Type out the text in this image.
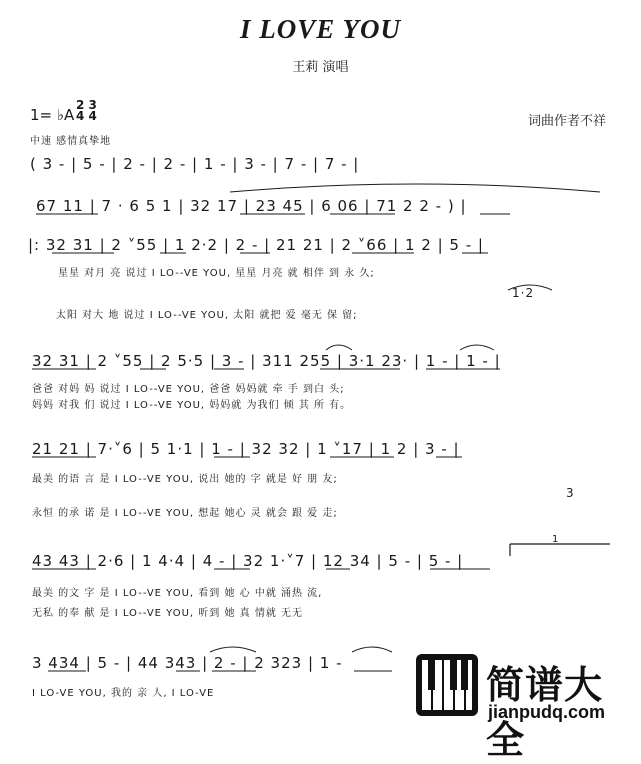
I LOVE YOU
王莉 演唱
1= ♭A
2 3
4 4	词曲作者不祥
中速 感情真挚地
( 3 - | 5 - | 2 - | 2 - | 1 - | 3 - | 7 - | 7 - |
67 11 | 7 · 6 5 1 | 32 17 | 23 45 | 6 06 | 71 2 2 - ) |
|: 32 31 | 2 ˅55 | 1 2·2 | 2 - | 21 21 | 2 ˅66 | 1 2 | 5 - |
星星 对月 亮 说过 I LO--VE YOU, 星星 月亮 就 相伴 到 永 久;
1·2
太阳 对大 地 说过 I LO--VE YOU, 太阳 就把 爱 毫无 保 留;
32 31 | 2 ˅55 | 2 5·5 | 3 - | 311 255 | 3·1 23· | 1 - | 1 - |
爸爸 对妈 妈 说过 I LO--VE YOU, 爸爸 妈妈就 牵 手 到白 头;
妈妈 对我 们 说过 I LO--VE YOU, 妈妈就 为我们 倾 其 所 有。
21 21 | 7·˅6 | 5 1·1 | 1 - | 32 32 | 1 ˅17 | 1 2 | 3 - |
最美 的语 言 是 I LO--VE YOU, 说出 她的 字 就是 好 朋 友;
3
永恒 的承 诺 是 I LO--VE YOU, 想起 她心 灵 就会 跟 爱 走;
43 43 | 2·6 | 1 4·4 | 4 - | 32 1·˅7 | 12 34 | 5 - | 5 - |
1
最美 的文 字 是 I LO--VE YOU, 看到 她 心 中就 涌热 流,
无私 的奉 献 是 I LO--VE YOU, 听到 她 真 情就 无无
3 434 | 5 - | 44 343 | 2 - | 2 323 | 1 -
I LO-VE YOU, 我的 亲 人, I LO-VE	简谱大全
jianpudq.com
